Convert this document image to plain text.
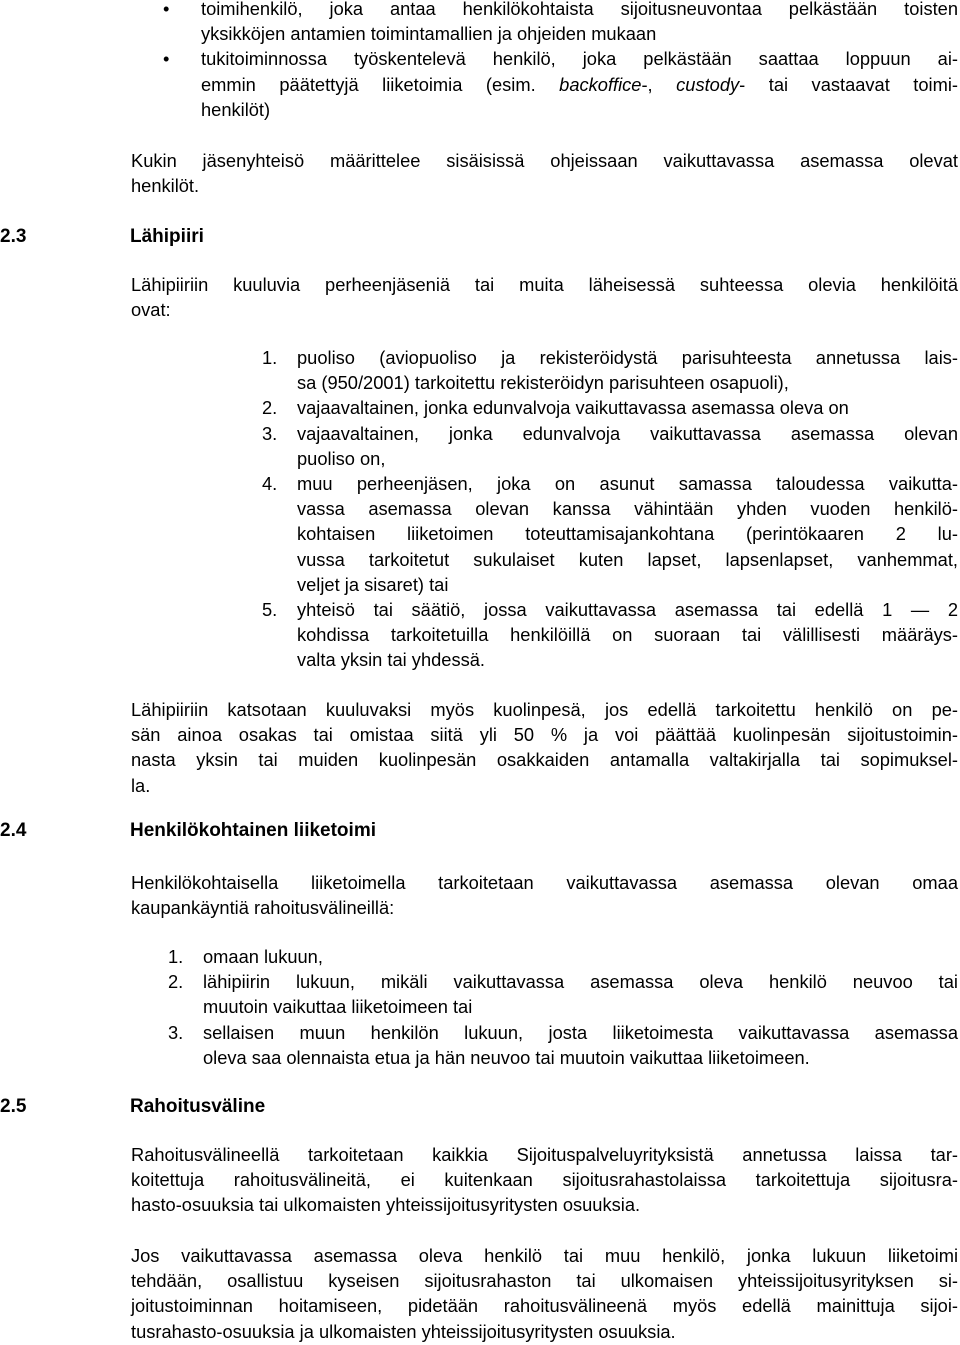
• toimihenkilö, joka antaa henkilökohtaista sijoitusneuvontaa pelkästään toisten
yksikköjen antamien toimintamallien ja ohjeiden mukaan
• tukitoiminnossa työskentelevä henkilö, joka pelkästään saattaa loppuun ai-
emmin päätettyjä liiketoimia (esim. backoffice-, custody- tai vastaavat toimi-
henkilöt)
Kukin jäsenyhteisö määrittelee sisäisissä ohjeissaan vaikuttavassa asemassa olevat
henkilöt.
2.3	Lähipiiri
Lähipiiriin kuuluvia perheenjäseniä tai muita läheisessä suhteessa olevia henkilöitä
ovat:
1. puoliso (aviopuoliso ja rekisteröidystä parisuhteesta annetussa lais-
sa (950/2001) tarkoitettu rekisteröidyn parisuhteen osapuoli),
2. vajaavaltainen, jonka edunvalvoja vaikuttavassa asemassa oleva on
3. vajaavaltainen, jonka edunvalvoja vaikuttavassa asemassa olevan
puoliso on,
4. muu perheenjäsen, joka on asunut samassa taloudessa vaikutta-
vassa asemassa olevan kanssa vähintään yhden vuoden henkilö-
kohtaisen liiketoimen toteuttamisajankohtana (perintökaaren 2 lu-
vussa tarkoitetut sukulaiset kuten lapset, lapsenlapset, vanhemmat,
veljet ja sisaret) tai
5. yhteisö tai säätiö, jossa vaikuttavassa asemassa tai edellä 1 — 2
kohdissa tarkoitetuilla henkilöillä on suoraan tai välillisesti määräys-
valta yksin tai yhdessä.
Lähipiiriin katsotaan kuuluvaksi myös kuolinpesä, jos edellä tarkoitettu henkilö on pe-
sän ainoa osakas tai omistaa siitä yli 50 % ja voi päättää kuolinpesän sijoitustoimin-
nasta yksin tai muiden kuolinpesän osakkaiden antamalla valtakirjalla tai sopimuksel-
la.
2.4	Henkilökohtainen liiketoimi
Henkilökohtaisella liiketoimella tarkoitetaan vaikuttavassa asemassa olevan omaa
kaupankäyntiä rahoitusvälineillä:
1. omaan lukuun,
2. lähipiirin lukuun, mikäli vaikuttavassa asemassa oleva henkilö neuvoo tai
muutoin vaikuttaa liiketoimeen tai
3. sellaisen muun henkilön lukuun, josta liiketoimesta vaikuttavassa asemassa
oleva saa olennaista etua ja hän neuvoo tai muutoin vaikuttaa liiketoimeen.
2.5	Rahoitusväline
Rahoitusvälineellä tarkoitetaan kaikkia Sijoituspalveluyrityksistä annetussa laissa tar-
koitettuja rahoitusvälineitä, ei kuitenkaan sijoitusrahastolaissa tarkoitettuja sijoitusra-
hasto-osuuksia tai ulkomaisten yhteissijoitusyritysten osuuksia.
Jos vaikuttavassa asemassa oleva henkilö tai muu henkilö, jonka lukuun liiketoimi
tehdään, osallistuu kyseisen sijoitusrahaston tai ulkomaisen yhteissijoitusyrityksen si-
joitustoiminnan hoitamiseen, pidetään rahoitusvälineenä myös edellä mainittuja sijoi-
tusrahasto-osuuksia ja ulkomaisten yhteissijoitusyritysten osuuksia.
